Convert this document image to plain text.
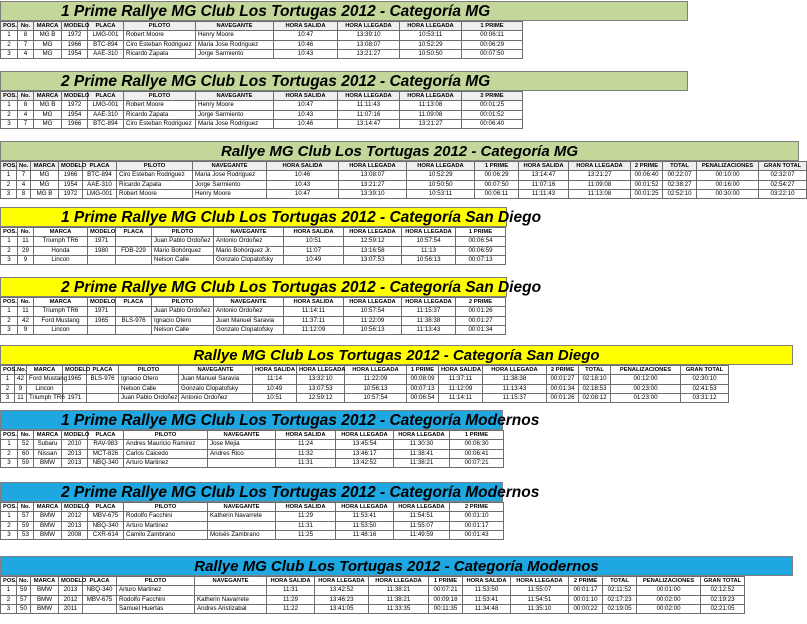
1 Prime Rallye MG Club Los Tortugas 2012 - Categoría MG
POS.	No.	MARCA	MODELO	PLACA	PILOTO	NAVEGANTE	HORA SALIDA	HORA LLEGADA	HORA LLEGADA	1 PRIME
1	8	MG B	1972	LMG-001	Robert Moore	Henry Moore	10:47	13:39:10	10:53:11	00:06:11
2	7	MG	1966	BTC-894	Ciro Esteban Rodriguez	Maria Jose Rodriguez	10:46	13:08:07	10:52:29	00:06:29
3	4	MG	1954	AAE-310	Ricardo Zapata	Jorge Sarmiento	10:43	13:21:27	10:50:50	00:07:50
2 Prime Rallye MG Club Los Tortugas 2012 - Categoría MG
POS.	No.	MARCA	MODELO	PLACA	PILOTO	NAVEGANTE	HORA SALIDA	HORA LLEGADA	HORA LLEGADA	2 PRIME
1	8	MG B	1972	LMG-001	Robert Moore	Henry Moore	10:47	11:11:43	11:13:08	00:01:25
2	4	MG	1954	AAE-310	Ricardo Zapata	Jorge Sarmiento	10:43	11:07:16	11:09:08	00:01:52
3	7	MG	1966	BTC-894	Ciro Esteban Rodriguez	Maria Jose Rodriguez	10:46	13:14:47	13:21:27	00:06:40
Rallye MG Club Los Tortugas 2012 - Categoría MG
POS.	No.	MARCA	MODELO	PLACA	PILOTO	NAVEGANTE	HORA SALIDA	HORA LLEGADA	HORA LLEGADA	1 PRIME	HORA SALIDA	HORA LLEGADA	2 PRIME	TOTAL	PENALIZACIONES	GRAN TOTAL
1	7	MG	1966	BTC-894	Ciro Esteban Rodriguez	Maria Jose Rodriguez	10:46	13:08:07	10:52:29	00:06:29	13:14:47	13:21:27	00:06:40	00:22:07	00:10:00	02:32:07
2	4	MG	1954	AAE-310	Ricardo Zapata	Jorge Sarmiento	10:43	13:21:27	10:50:50	00:07:50	11:07:16	11:09:08	00:01:52	02:38:27	00:16:00	02:54:27
3	8	MG B	1972	LMG-001	Robert Moore	Henry Moore	10:47	13:39:10	10:53:11	00:06:11	11:11:43	11:13:08	00:01:25	02:52:10	00:30:00	03:22:10
1 Prime Rallye MG Club Los Tortugas 2012 - Categoría San Diego
POS.	No.	MARCA	MODELO	PLACA	PILOTO	NAVEGANTE	HORA SALIDA	HORA LLEGADA	HORA LLEGADA	1 PRIME
1	11	Triumph TR6	1971		Juan Pablo Ordoñez	Antonio Ordoñez	10:51	12:59:12	10:57:54	00:06:54
2	29	Honda	1980	FDB-229	Mario Bohórquez	Mario Bohórquez Jr.	11:07	13:16:58	11:13	00:06:59
3	9	Lincon			Nelson Calle	Gonzalo Clopatofsky	10:49	13:07:53	10:56:13	00:07:13
2 Prime Rallye MG Club Los Tortugas 2012 - Categoría San Diego
POS.	No.	MARCA	MODELO	PLACA	PILOTO	NAVEGANTE	HORA SALIDA	HORA LLEGADA	HORA LLEGADA	2 PRIME
1	11	Triumph TR6	1971		Juan Pablo Ordoñez	Antonio Ordoñez	11:14:11	10:57:54	11:15:37	00:01:26
2	42	Ford Mustang	1965	BLS-976	Ignacio Otero	Juan Manuel Saravia	11:37:11	11:22:09	11:38:38	00:01:27
3	9	Lincon			Nelson Calle	Gonzalo Clopatofsky	11:12:09	10:56:13	11:13:43	00:01:34
Rallye MG Club Los Tortugas 2012 - Categoría San Diego
POS.	No.	MARCA	MODELO	PLACA	PILOTO	NAVEGANTE	HORA SALIDA	HORA LLEGADA	HORA LLEGADA	1 PRIME	HORA SALIDA	HORA LLEGADA	2 PRIME	TOTAL	PENALIZACIONES	GRAN TOTAL
1	42	Ford Mustang	1965	BLS-976	Ignacio Otero	Juan Manuel Saravia	11:14	13:32:10	11:22:09	00:08:09	11:37:11	11:38:38	00:01:27	02:18:10	00:12:00	02:30:10
2	9	Lincon			Nelson Calle	Gonzalo Clopatofsky	10:49	13:07:53	10:56:13	00:07:13	11:12:09	11:13:43	00:01:34	02:18:53	00:23:00	02:41:53
3	11	Triumph TR6	1971		Juan Pablo Ordoñez	Antonio Ordoñez	10:51	12:59:12	10:57:54	00:06:54	11:14:11	11:15:37	00:01:26	02:08:12	01:23:00	03:31:12
1 Prime Rallye MG Club Los Tortugas 2012 - Categoría Modernos
POS.	No.	MARCA	MODELO	PLACA	PILOTO	NAVEGANTE	HORA SALIDA	HORA LLEGADA	HORA LLEGADA	1 PRIME
1	52	Subaru	2010	RAV-983	Andres Mauricio Ramirez	Jose Mejia	11:24	13:45:54	11:30:30	00:06:30
2	60	Nissan	2013	MCT-826	Carlos Caicedo	Andres Rico	11:32	13:46:17	11:38:41	00:06:41
3	59	BMW	2013	NBQ-340	Arturo Martinez		11:31	13:42:52	11:38:21	00:07:21
2 Prime Rallye MG Club Los Tortugas 2012 - Categoría Modernos
POS.	No.	MARCA	MODELO	PLACA	PILOTO	NAVEGANTE	HORA SALIDA	HORA LLEGADA	HORA LLEGADA	2 PRIME
1	57	BMW	2012	MBV-675	Rodolfo Facchini	Katherin Navarrete	11:29	11:53:41	11:54:51	00:01:10
2	59	BMW	2013	NBQ-340	Arturo Martinez		11:31	11:53:50	11:55:07	00:01:17
3	53	BMW	2008	CXR-614	Camilo Zambrano	Moisés Zambrano	11:25	11:48:16	11:49:59	00:01:43
Rallye MG Club Los Tortugas 2012 - Categoría Modernos
POS.	No.	MARCA	MODELO	PLACA	PILOTO	NAVEGANTE	HORA SALIDA	HORA LLEGADA	HORA LLEGADA	1 PRIME	HORA SALIDA	HORA LLEGADA	2 PRIME	TOTAL	PENALIZACIONES	GRAN TOTAL
1	59	BMW	2013	NBQ-340	Arturo Martinez		11:31	13:42:52	11:38:21	00:07:21	11:53:50	11:55:07	00:01:17	02:11:52	00:01:00	02:12:52
2	57	BMW	2012	MBV-675	Rodolfo Facchini	Katherin Navarrete	11:29	13:46:23	11:38:21	00:09:18	11:53:41	11:54:51	00:01:10	02:17:23	00:02:00	02:19:23
3	50	BMW	2011		Samuel Huertas	Andres Aristizabal	11:22	13:41:05	11:33:35	00:11:35	11:34:48	11:35:10	00:00:22	02:19:05	00:02:00	02:21:05
